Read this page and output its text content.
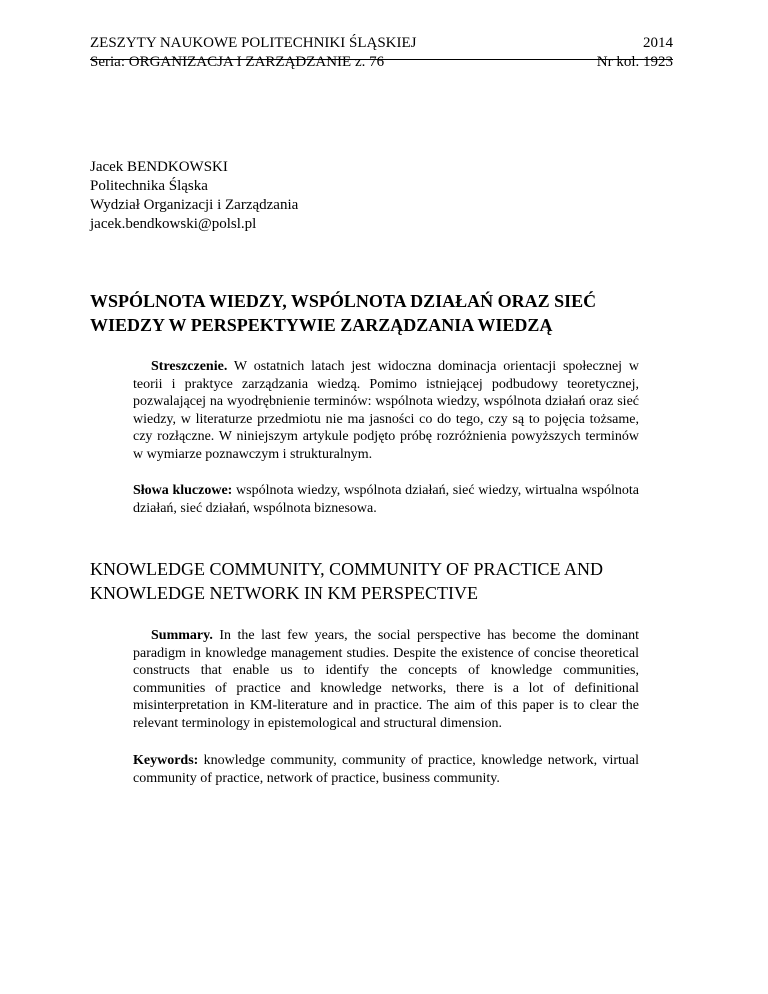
ZESZYTY NAUKOWE POLITECHNIKI ŚLĄSKIEJ	2014
Seria: ORGANIZACJA I ZARZĄDZANIE z. 76	Nr kol. 1923
Jacek BENDKOWSKI
Politechnika Śląska
Wydział Organizacji i Zarządzania
jacek.bendkowski@polsl.pl
WSPÓLNOTA WIEDZY, WSPÓLNOTA DZIAŁAŃ ORAZ SIEĆ
WIEDZY W PERSPEKTYWIE ZARZĄDZANIA WIEDZĄ
Streszczenie. W ostatnich latach jest widoczna dominacja orientacji społecznej w teorii i praktyce zarządzania wiedzą. Pomimo istniejącej podbudowy teoretycznej, pozwalającej na wyodrębnienie terminów: wspólnota wiedzy, wspólnota działań oraz sieć wiedzy, w literaturze przedmiotu nie ma jasności co do tego, czy są to pojęcia tożsame, czy rozłączne. W niniejszym artykule podjęto próbę rozróżnienia powyższych terminów w wymiarze poznawczym i strukturalnym.
Słowa kluczowe: wspólnota wiedzy, wspólnota działań, sieć wiedzy, wirtualna wspólnota działań, sieć działań, wspólnota biznesowa.
KNOWLEDGE COMMUNITY, COMMUNITY OF PRACTICE AND
KNOWLEDGE NETWORK IN KM PERSPECTIVE
Summary. In the last few years, the social perspective has become the dominant paradigm in knowledge management studies. Despite the existence of concise theoretical constructs that enable us to identify the concepts of knowledge communities, communities of practice and knowledge networks, there is a lot of definitional misinterpretation in KM-literature and in practice. The aim of this paper is to clear the relevant terminology in epistemological and structural dimension.
Keywords: knowledge community, community of practice, knowledge network, virtual community of practice, network of practice, business community.
